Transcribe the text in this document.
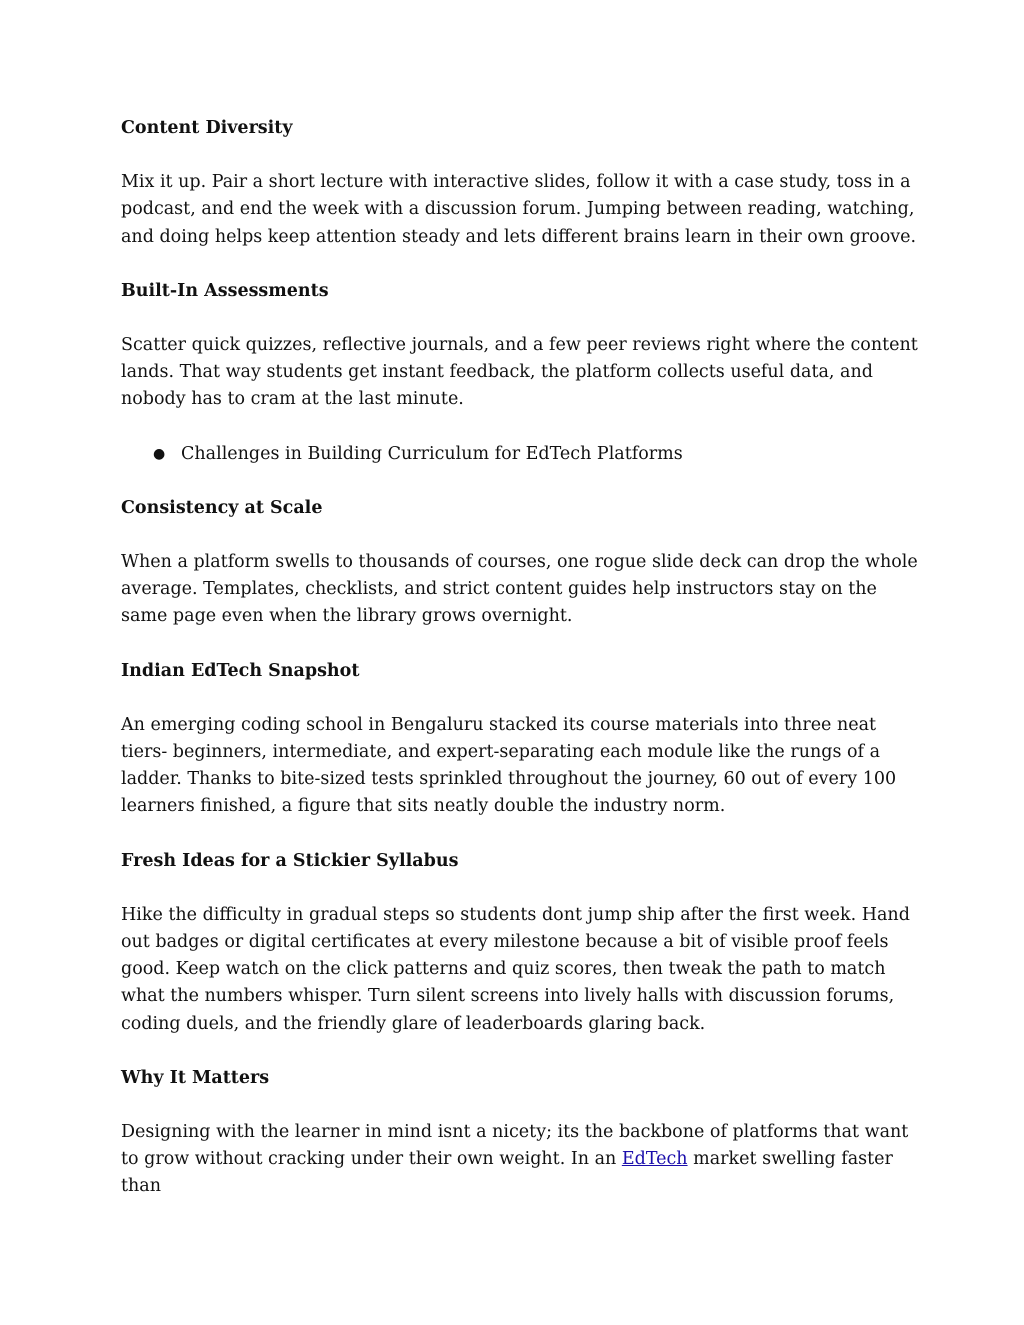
Content Diversity
Mix it up. Pair a short lecture with interactive slides, follow it with a case study, toss in a podcast, and end the week with a discussion forum. Jumping between reading, watching, and doing helps keep attention steady and lets different brains learn in their own groove.
Built-In Assessments
Scatter quick quizzes, reflective journals, and a few peer reviews right where the content lands. That way students get instant feedback, the platform collects useful data, and nobody has to cram at the last minute.
● Challenges in Building Curriculum for EdTech Platforms
Consistency at Scale
When a platform swells to thousands of courses, one rogue slide deck can drop the whole average. Templates, checklists, and strict content guides help instructors stay on the same page even when the library grows overnight.
Indian EdTech Snapshot
An emerging coding school in Bengaluru stacked its course materials into three neat tiers- beginners, intermediate, and expert-separating each module like the rungs of a ladder. Thanks to bite-sized tests sprinkled throughout the journey, 60 out of every 100 learners finished, a figure that sits neatly double the industry norm.
Fresh Ideas for a Stickier Syllabus
Hike the difficulty in gradual steps so students dont jump ship after the first week. Hand out badges or digital certificates at every milestone because a bit of visible proof feels good. Keep watch on the click patterns and quiz scores, then tweak the path to match what the numbers whisper. Turn silent screens into lively halls with discussion forums, coding duels, and the friendly glare of leaderboards glaring back.
Why It Matters
Designing with the learner in mind isnt a nicety; its the backbone of platforms that want to grow without cracking under their own weight. In an EdTech market swelling faster than
